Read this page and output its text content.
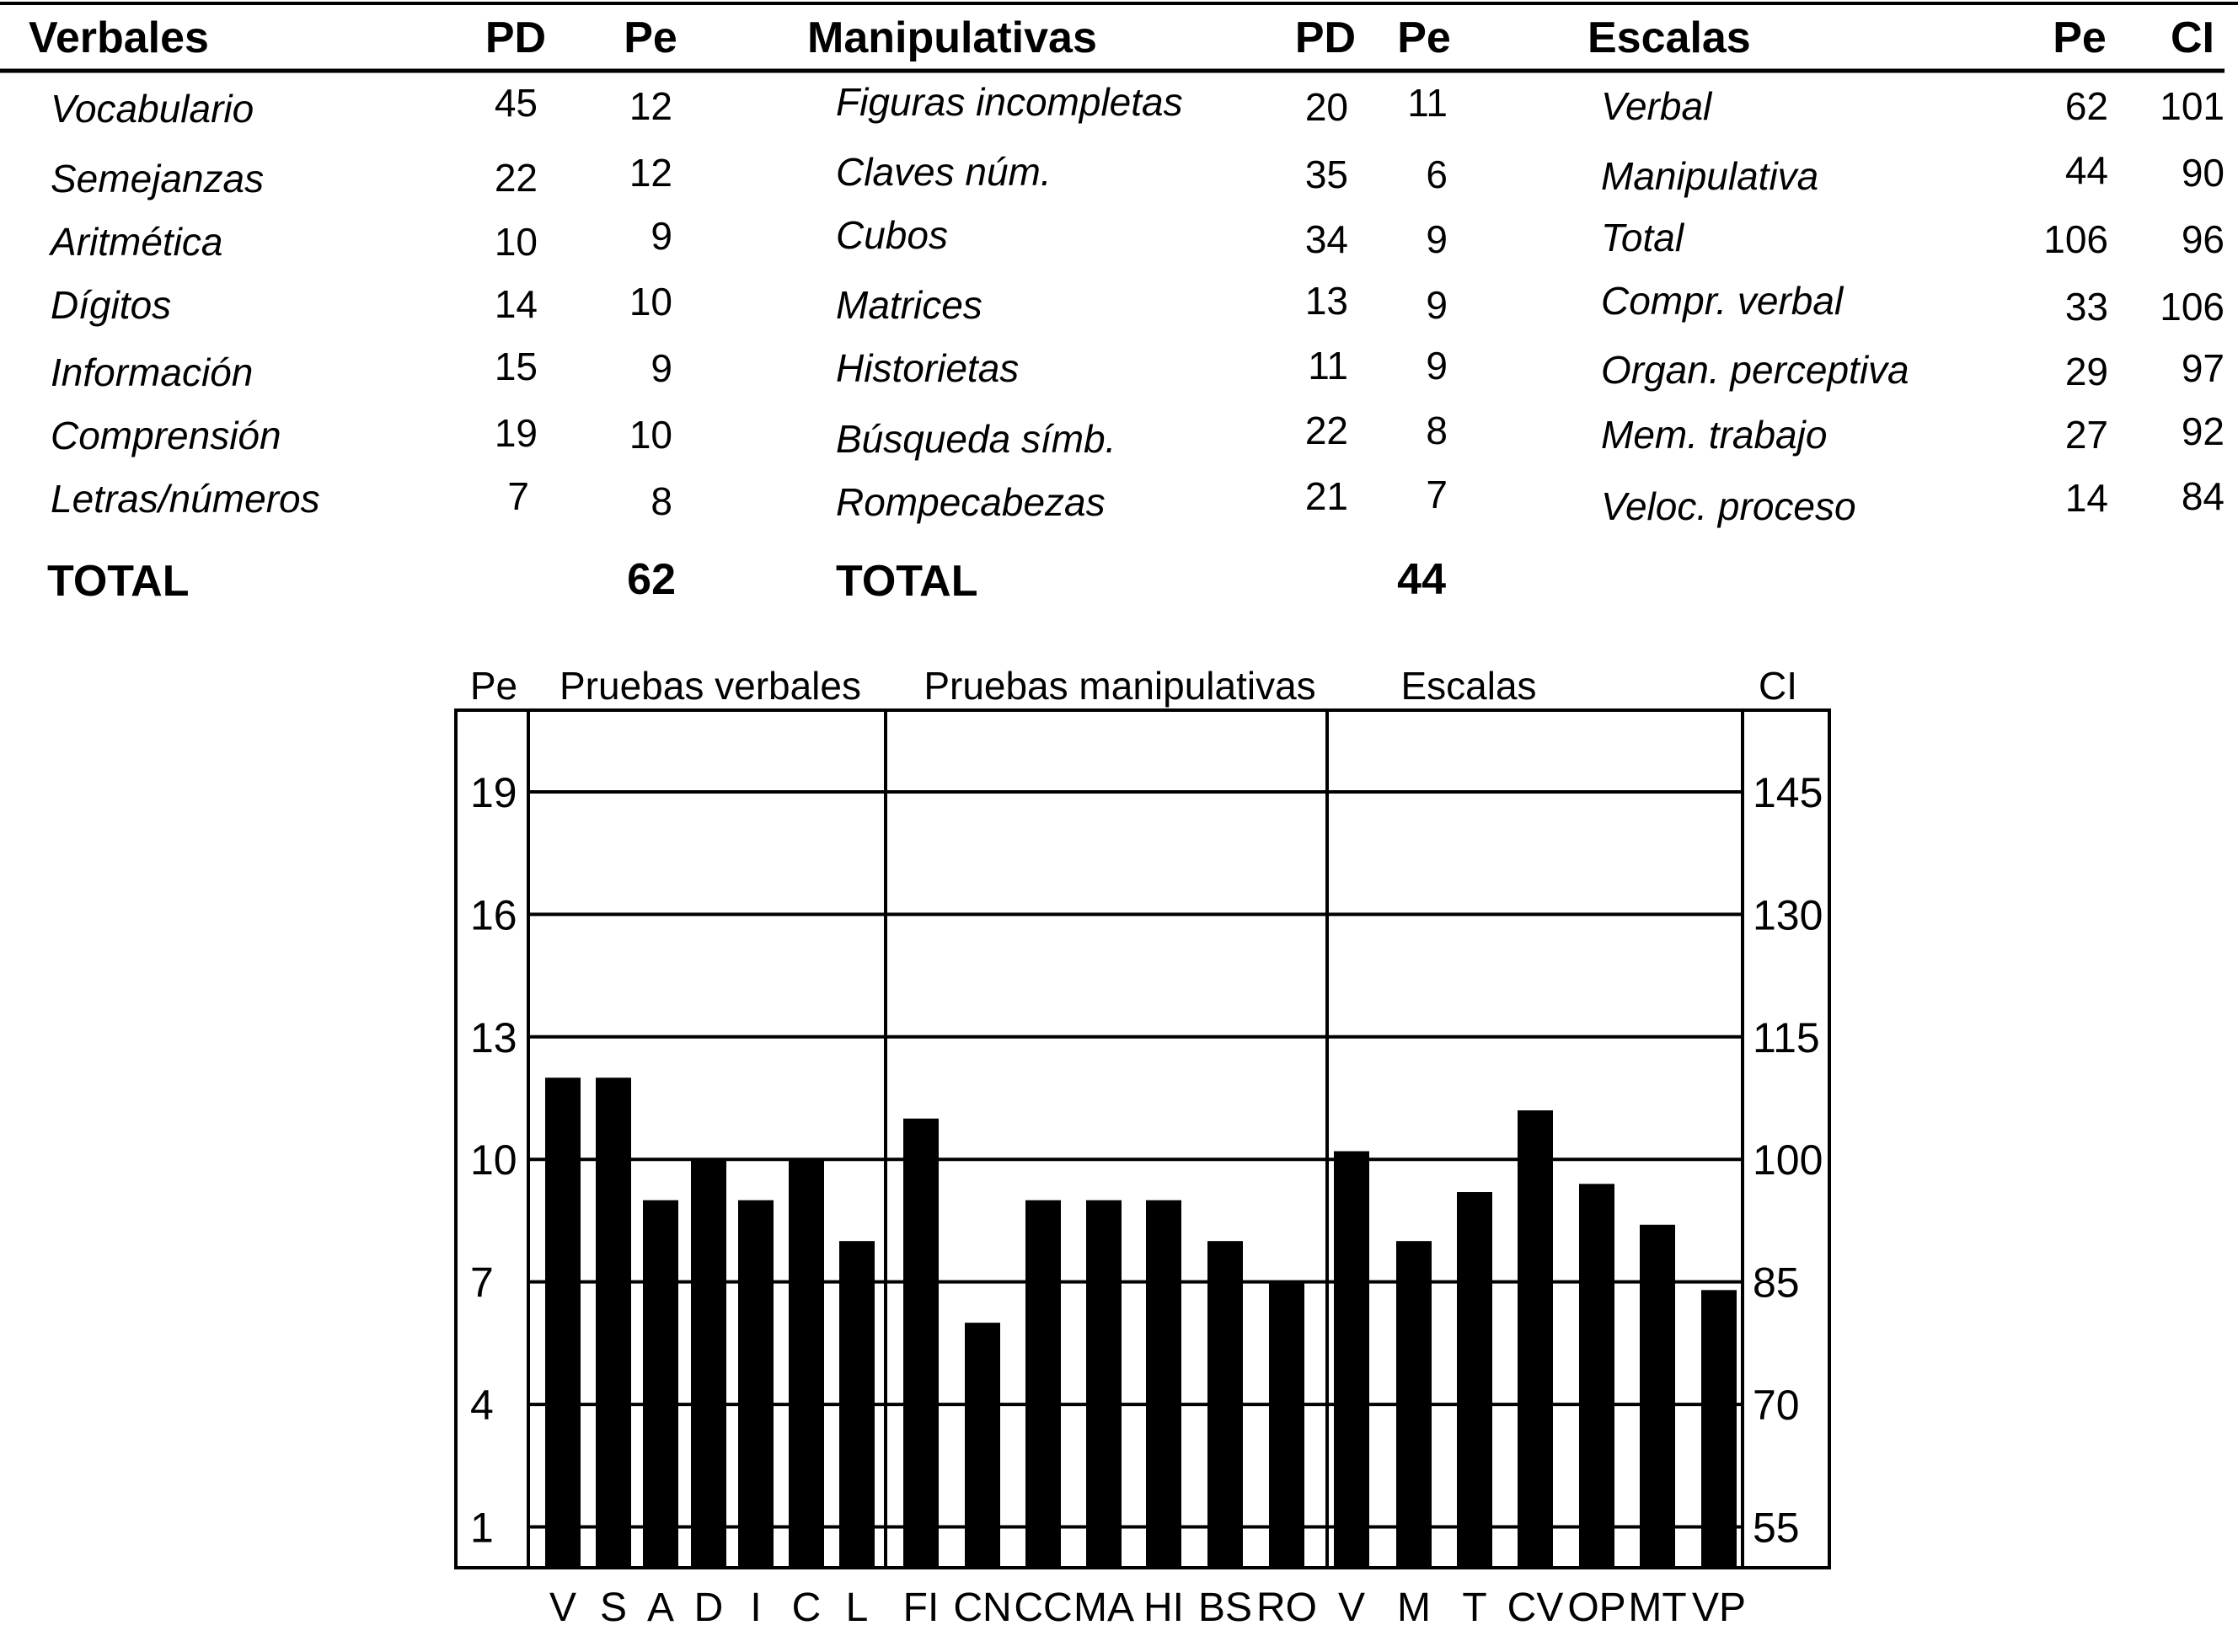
Verbales	PD Pe
Vocabulario	45 12
Semejanzas	22 12
Aritmética	10	9
Dígitos	14 10
Información	15	9
Comprensión	19 10
Letras/números	7	8
TOTAL	62
Manipulativas	PD Pe
Figuras incompletas	20 11
Claves núm.	35 6
Cubos	34 9
Matrices	13 9
Historietas	11 9
Búsqueda símb.	22 8
Rompecabezas	21 7
TOTAL	44
Escalas	Pe CI
Verbal	62 101
Manipulativa	44 90
Total	106 96
Compr. verbal	33 106
Organ. perceptiva	29 97
Mem. trabajo	27 92
Veloc. proceso	14 84
Pe	CI
Pruebas verbales Pruebas manipulativas Escalas
1
4
7
10
13
16
19
55
70
85
100
115
130
145
V S A D I C L FI CN CC MA HI BS RO V M T CV OP MT VP
